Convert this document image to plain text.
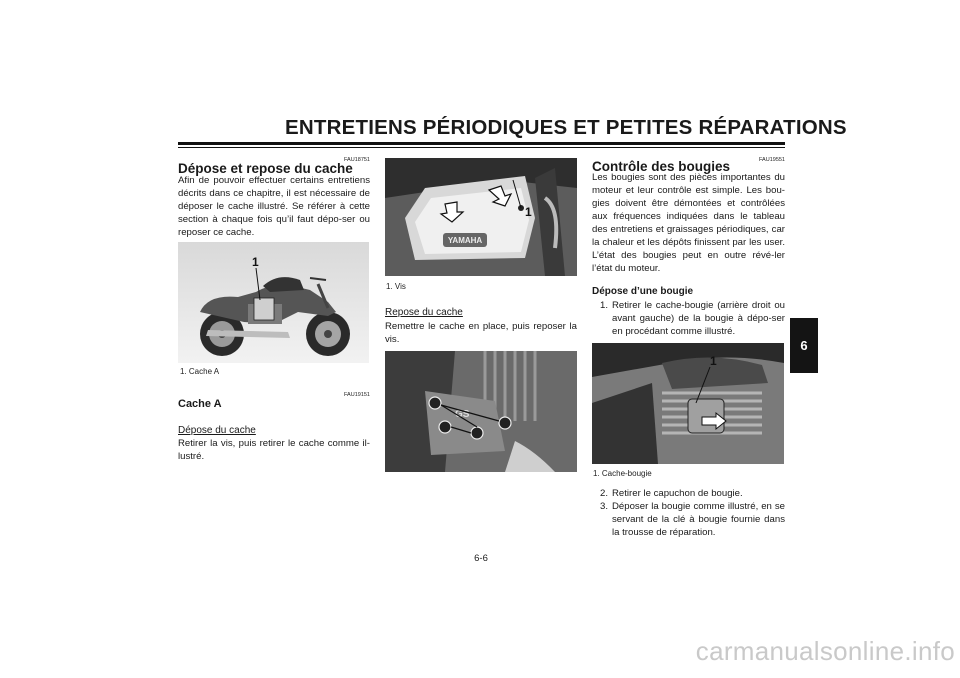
ENTRETIENS PÉRIODIQUES ET PETITES RÉPARATIONS
FAU18751
Dépose et repose du cache
Afin de pouvoir effectuer certains entretiens décrits dans ce chapitre, il est nécessaire de déposer le cache illustré. Se référer à cette section à chaque fois qu’il faut dépo-ser ou reposer ce cache.
1
1. Cache A
FAU19151
Cache A
Dépose du cache
Retirer la vis, puis retirer le cache comme il-lustré.
YAMAHA
1
1. Vis
Repose du cache
Remettre le cache en place, puis reposer la vis.
GS
FAU19551
Contrôle des bougies
Les bougies sont des pièces importantes du moteur et leur contrôle est simple. Les bou-gies doivent être démontées et contrôlées aux fréquences indiquées dans le tableau des entretiens et graissages périodiques, car la chaleur et les dépôts finissent par les user. L’état des bougies peut en outre révé-ler l’état du moteur.
Dépose d’une bougie
1. Retirer le cache-bougie (arrière droit ou avant gauche) de la bougie à dépo-ser en procédant comme illustré.
1
1. Cache-bougie
2. Retirer le capuchon de bougie.
3. Déposer la bougie comme illustré, en se servant de la clé à bougie fournie dans la trousse de réparation.
6
6-6
carmanualsonline.info
